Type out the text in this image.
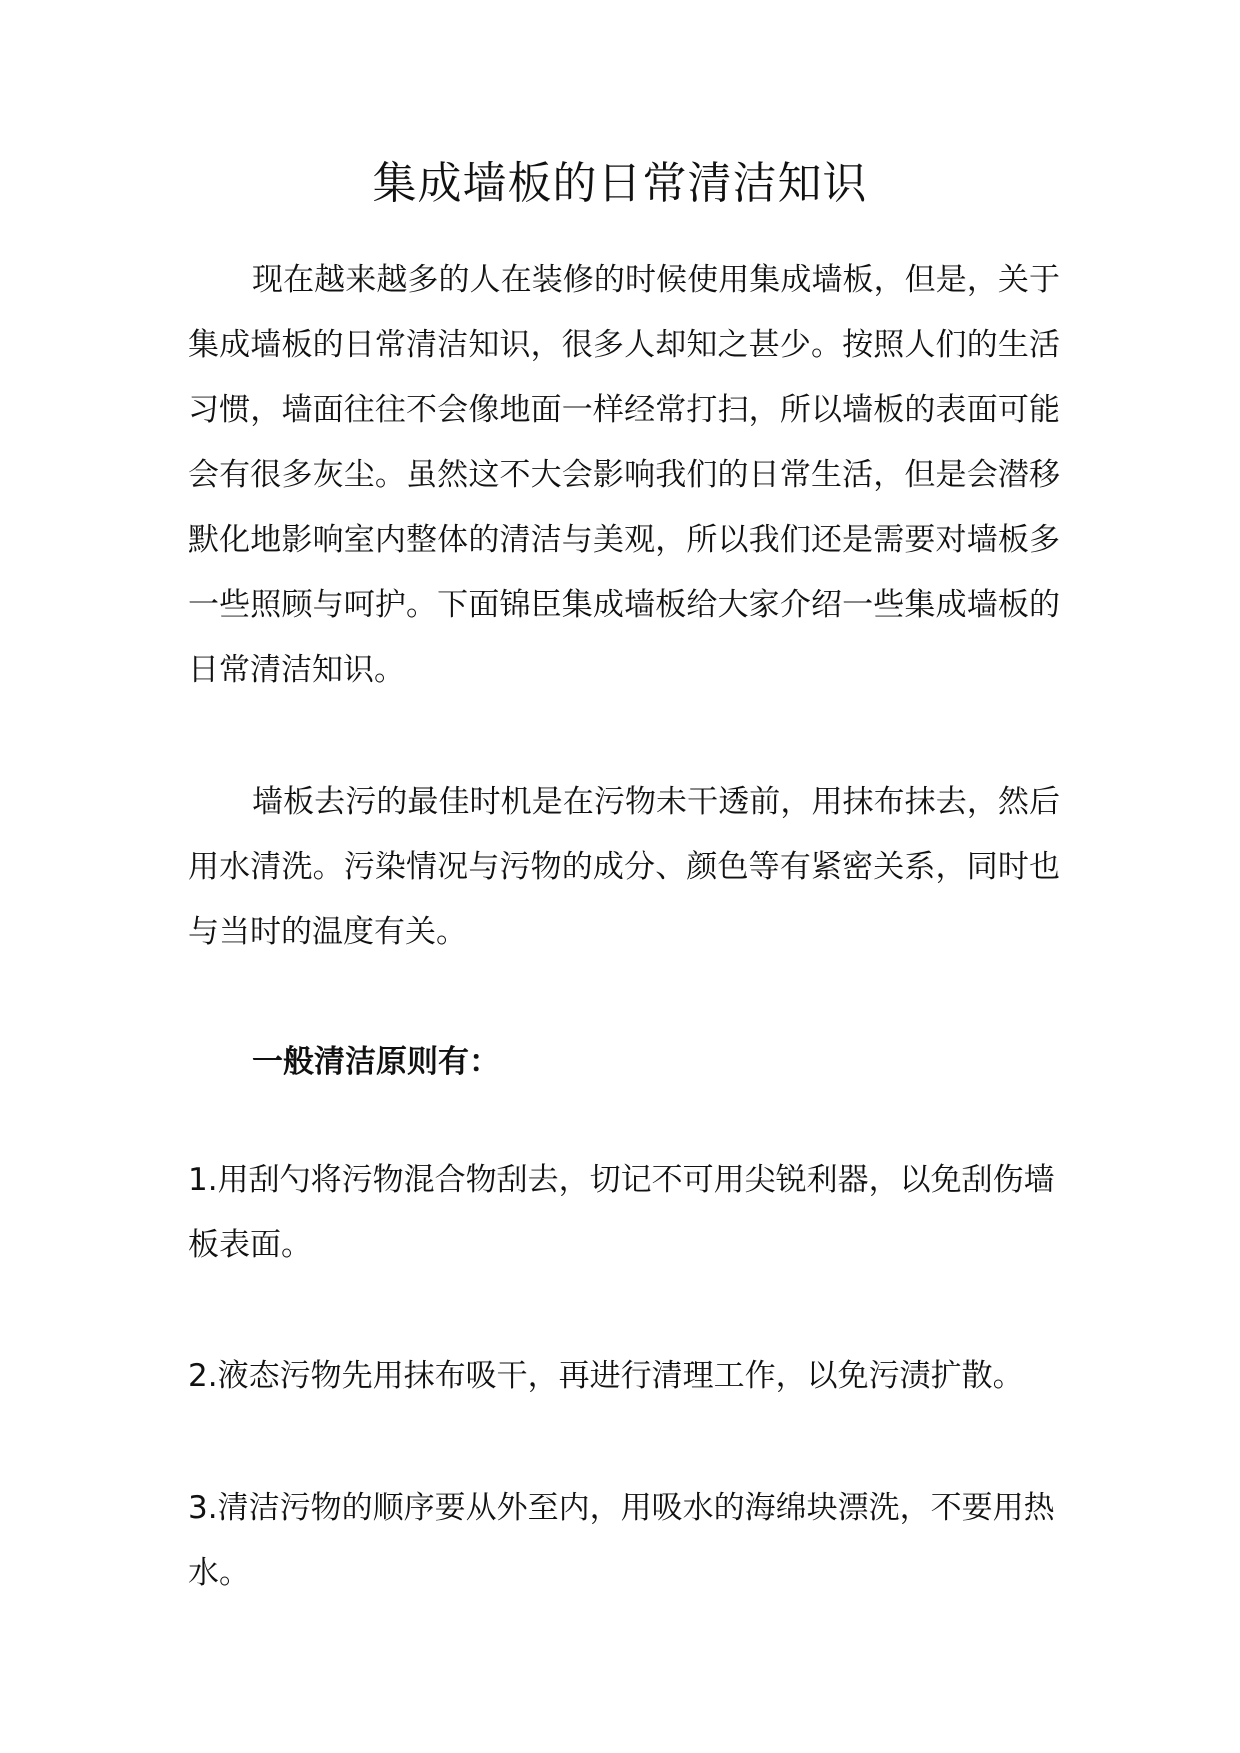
集成墙板的日常清洁知识

现在越来越多的人在装修的时候使用集成墙板，但是，关于集成墙板的日常清洁知识，很多人却知之甚少。按照人们的生活习惯，墙面往往不会像地面一样经常打扫，所以墙板的表面可能会有很多灰尘。虽然这不大会影响我们的日常生活，但是会潜移默化地影响室内整体的清洁与美观，所以我们还是需要对墙板多一些照顾与呵护。下面锦臣集成墙板给大家介绍一些集成墙板的日常清洁知识。

墙板去污的最佳时机是在污物未干透前，用抹布抹去，然后用水清洗。污染情况与污物的成分、颜色等有紧密关系，同时也与当时的温度有关。

一般清洁原则有：

1.用刮勺将污物混合物刮去，切记不可用尖锐利器，以免刮伤墙板表面。

2.液态污物先用抹布吸干，再进行清理工作，以免污渍扩散。

3.清洁污物的顺序要从外至内，用吸水的海绵块漂洗，不要用热水。
